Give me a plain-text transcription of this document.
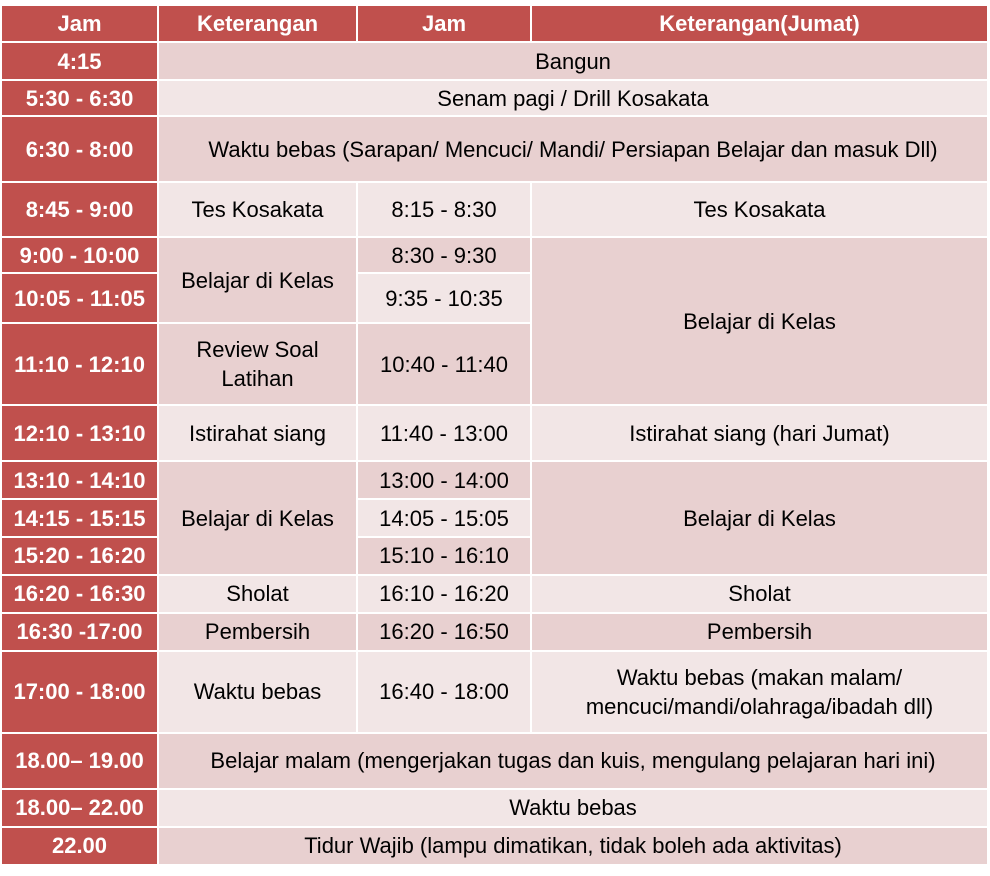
Jam	Keterangan	Jam	Keterangan(Jumat)
4:15	Bangun		
5:30 - 6:30	Senam pagi / Drill Kosakata		
6:30 - 8:00	Waktu bebas (Sarapan/ Mencuci/ Mandi/ Persiapan Belajar dan masuk Dll)		
8:45 - 9:00	Tes Kosakata	8:15 - 8:30	Tes Kosakata
9:00 - 10:00	Belajar di Kelas	8:30 - 9:30	Belajar di Kelas
10:05 - 11:05		9:35 - 10:35	
11:10 - 12:10	Review Soal Latihan	10:40 - 11:40	
12:10 - 13:10	Istirahat siang	11:40 - 13:00	Istirahat siang (hari Jumat)
13:10 - 14:10	Belajar di Kelas	13:00 - 14:00	Belajar di Kelas
14:15 - 15:15		14:05 - 15:05	
15:20 - 16:20		15:10 - 16:10	
16:20 - 16:30	Sholat	16:10 - 16:20	Sholat
16:30 -17:00	Pembersih	16:20 - 16:50	Pembersih
17:00 - 18:00	Waktu bebas	16:40 - 18:00	Waktu bebas (makan malam/ mencuci/mandi/olahraga/ibadah dll)
18.00– 19.00	Belajar malam (mengerjakan tugas dan kuis, mengulang pelajaran hari ini)		
18.00– 22.00	Waktu bebas		
22.00	Tidur Wajib (lampu dimatikan, tidak boleh ada aktivitas)		
